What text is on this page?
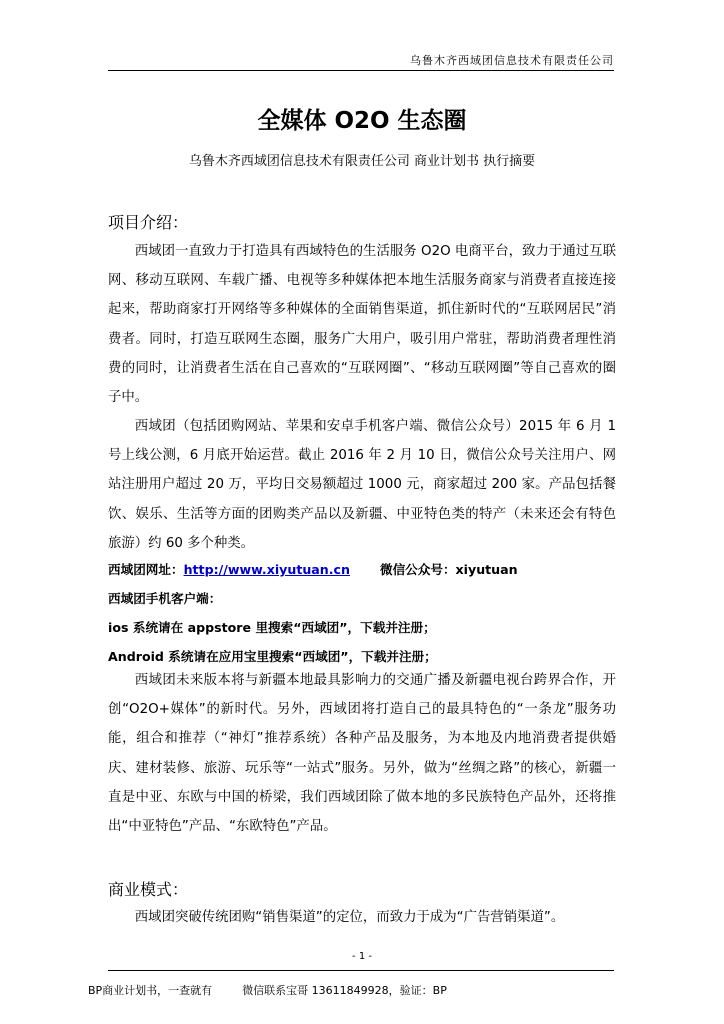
乌鲁木齐西域团信息技术有限责任公司
全媒体 O2O 生态圈
乌鲁木齐西域团信息技术有限责任公司 商业计划书 执行摘要
项目介绍：
西域团一直致力于打造具有西域特色的生活服务 O2O 电商平台，致力于通过互联网、移动互联网、车载广播、电视等多种媒体把本地生活服务商家与消费者直接连接起来，帮助商家打开网络等多种媒体的全面销售渠道，抓住新时代的“互联网居民”消费者。同时，打造互联网生态圈，服务广大用户，吸引用户常驻，帮助消费者理性消费的同时，让消费者生活在自己喜欢的“互联网圈”、“移动互联网圈”等自己喜欢的圈子中。
西域团（包括团购网站、苹果和安卓手机客户端、微信公众号）2015 年 6 月 1 号上线公测，6 月底开始运营。截止 2016 年 2 月 10 日，微信公众号关注用户、网站注册用户超过 20 万，平均日交易额超过 1000 元，商家超过 200 家。产品包括餐饮、娱乐、生活等方面的团购类产品以及新疆、中亚特色类的特产（未来还会有特色旅游）约 60 多个种类。
西域团网址：http://www.xiyutuan.cn 微信公众号：xiyutuan
西域团手机客户端：
ios 系统请在 appstore 里搜索“西域团”，下载并注册；
Android 系统请在应用宝里搜索“西域团”，下载并注册；
西域团未来版本将与新疆本地最具影响力的交通广播及新疆电视台跨界合作，开创“O2O+媒体”的新时代。另外，西域团将打造自己的最具特色的“一条龙”服务功能，组合和推荐（“神灯”推荐系统）各种产品及服务，为本地及内地消费者提供婚庆、建材装修、旅游、玩乐等“一站式”服务。另外，做为“丝绸之路”的核心，新疆一直是中亚、东欧与中国的桥梁，我们西域团除了做本地的多民族特色产品外，还将推出“中亚特色”产品、“东欧特色”产品。
商业模式：
西域团突破传统团购“销售渠道”的定位，而致力于成为“广告营销渠道”。
- 1 -
BP商业计划书，一查就有	微信联系宝哥 13611849928，验证：BP
